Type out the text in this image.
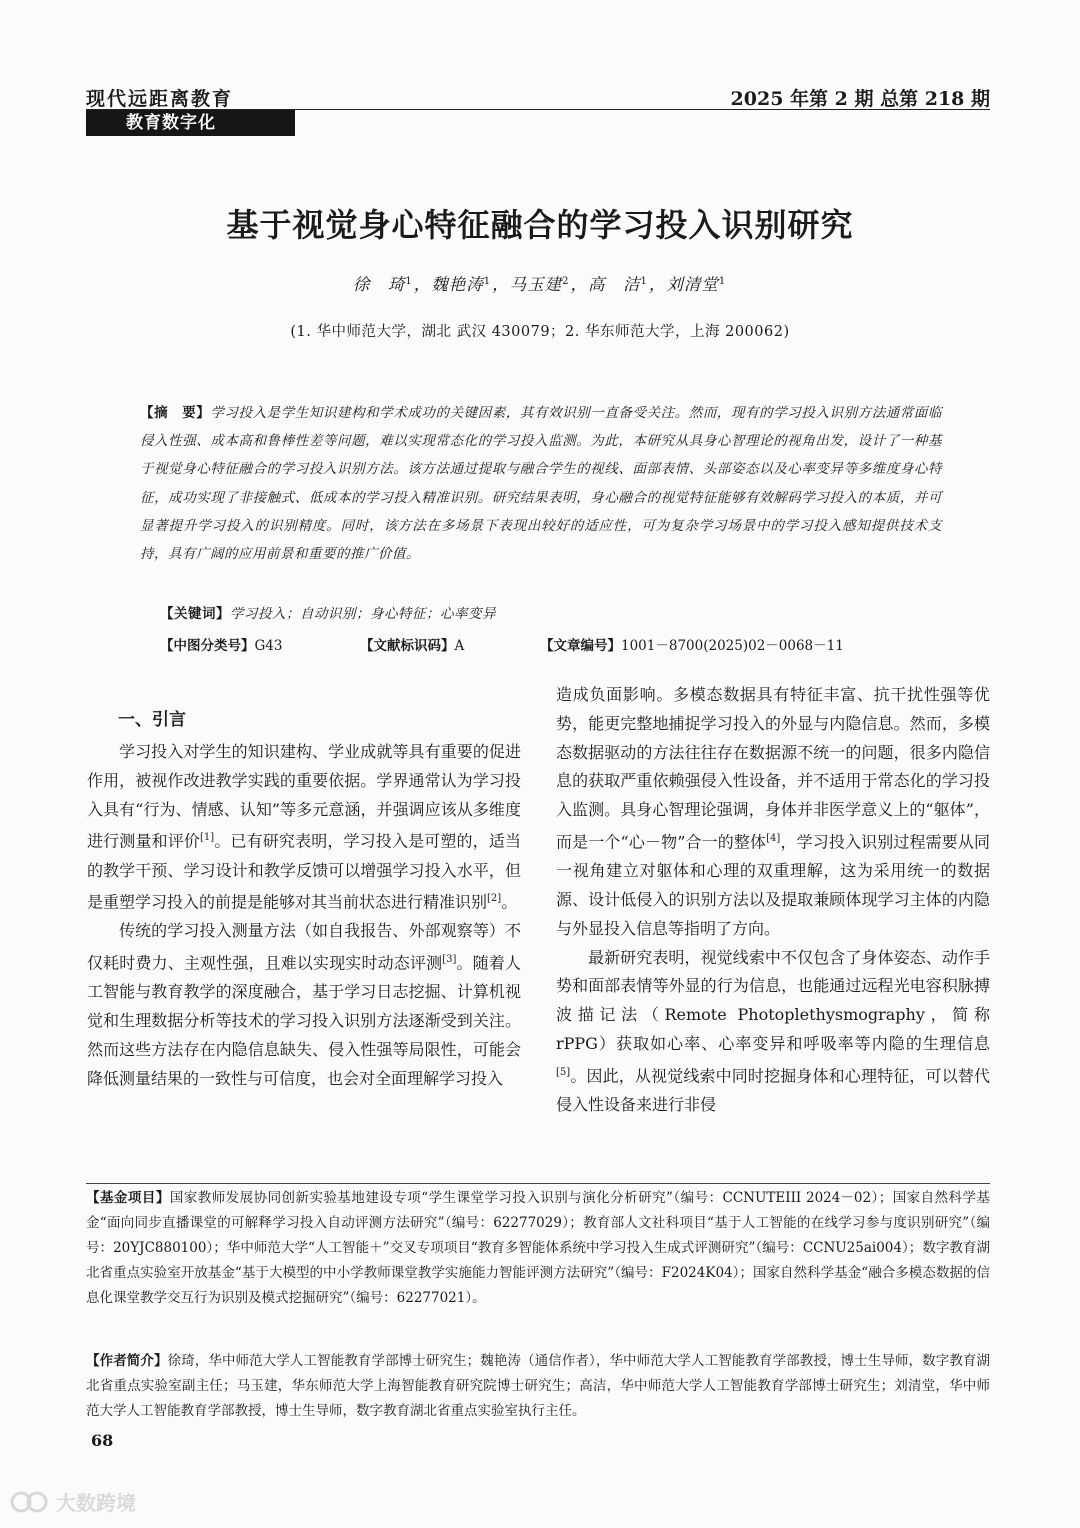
现代远距离教育	2025 年第 2 期 总第 218 期
教育数字化
基于视觉身心特征融合的学习投入识别研究
徐　琦$^1$，魏艳涛$^1$，马玉建$^2$，高　洁$^1$，刘清堂$^1$
(1. 华中师范大学，湖北 武汉 430079；2. 华东师范大学，上海 200062)
【摘　要】学习投入是学生知识建构和学术成功的关键因素，其有效识别一直备受关注。然而，现有的学习投入识别方法通常面临侵入性强、成本高和鲁棒性差等问题，难以实现常态化的学习投入监测。为此，本研究从具身心智理论的视角出发，设计了一种基于视觉身心特征融合的学习投入识别方法。该方法通过提取与融合学生的视线、面部表情、头部姿态以及心率变异等多维度身心特征，成功实现了非接触式、低成本的学习投入精准识别。研究结果表明，身心融合的视觉特征能够有效解码学习投入的本质，并可显著提升学习投入的识别精度。同时，该方法在多场景下表现出较好的适应性，可为复杂学习场景中的学习投入感知提供技术支持，具有广阔的应用前景和重要的推广价值。
【关键词】学习投入；自动识别；身心特征；心率变异
【中图分类号】G43	【文献标识码】A	【文章编号】1001－8700(2025)02－0068－11
一、引言

学习投入对学生的知识建构、学业成就等具有重要的促进作用，被视作改进教学实践的重要依据。学界通常认为学习投入具有“行为、情感、认知”等多元意涵，并强调应该从多维度进行测量和评价[1]。已有研究表明，学习投入是可塑的，适当的教学干预、学习设计和教学反馈可以增强学习投入水平，但是重塑学习投入的前提是能够对其当前状态进行精准识别[2]。

传统的学习投入测量方法（如自我报告、外部观察等）不仅耗时费力、主观性强，且难以实现实时动态评测[3]。随着人工智能与教育教学的深度融合，基于学习日志挖掘、计算机视觉和生理数据分析等技术的学习投入识别方法逐渐受到关注。然而这些方法存在内隐信息缺失、侵入性强等局限性，可能会降低测量结果的一致性与可信度，也会对全面理解学习投入

造成负面影响。多模态数据具有特征丰富、抗干扰性强等优势，能更完整地捕捉学习投入的外显与内隐信息。然而，多模态数据驱动的方法往往存在数据源不统一的问题，很多内隐信息的获取严重依赖强侵入性设备，并不适用于常态化的学习投入监测。具身心智理论强调，身体并非医学意义上的“躯体”，而是一个“心－物”合一的整体[4]，学习投入识别过程需要从同一视角建立对躯体和心理的双重理解，这为采用统一的数据源、设计低侵入的识别方法以及提取兼顾体现学习主体的内隐与外显投入信息等指明了方向。

最新研究表明，视觉线索中不仅包含了身体姿态、动作手势和面部表情等外显的行为信息，也能通过远程光电容积脉搏波描记法（Remote Photoplethysmography，简称 rPPG）获取如心率、心率变异和呼吸率等内隐的生理信息[5]。因此，从视觉线索中同时挖掘身体和心理特征，可以替代侵入性设备来进行非侵

【基金项目】国家教师发展协同创新实验基地建设专项“学生课堂学习投入识别与演化分析研究”（编号：CCNUTEIII 2024－02）；国家自然科学基金“面向同步直播课堂的可解释学习投入自动评测方法研究”（编号：62277029）；教育部人文社科项目“基于人工智能的在线学习参与度识别研究”（编号：20YJC880100）；华中师范大学“人工智能＋”交叉专项项目“教育多智能体系统中学习投入生成式评测研究”（编号：CCNU25ai004）；数字教育湖北省重点实验室开放基金“基于大模型的中小学教师课堂教学实施能力智能评测方法研究”（编号：F2024K04）；国家自然科学基金“融合多模态数据的信息化课堂教学交互行为识别及模式挖掘研究”（编号：62277021）。
【作者简介】徐琦，华中师范大学人工智能教育学部博士研究生；魏艳涛（通信作者），华中师范大学人工智能教育学部教授，博士生导师，数字教育湖北省重点实验室副主任；马玉建，华东师范大学上海智能教育研究院博士研究生；高洁，华中师范大学人工智能教育学部博士研究生；刘清堂，华中师范大学人工智能教育学部教授，博士生导师，数字教育湖北省重点实验室执行主任。
68
大数跨境
